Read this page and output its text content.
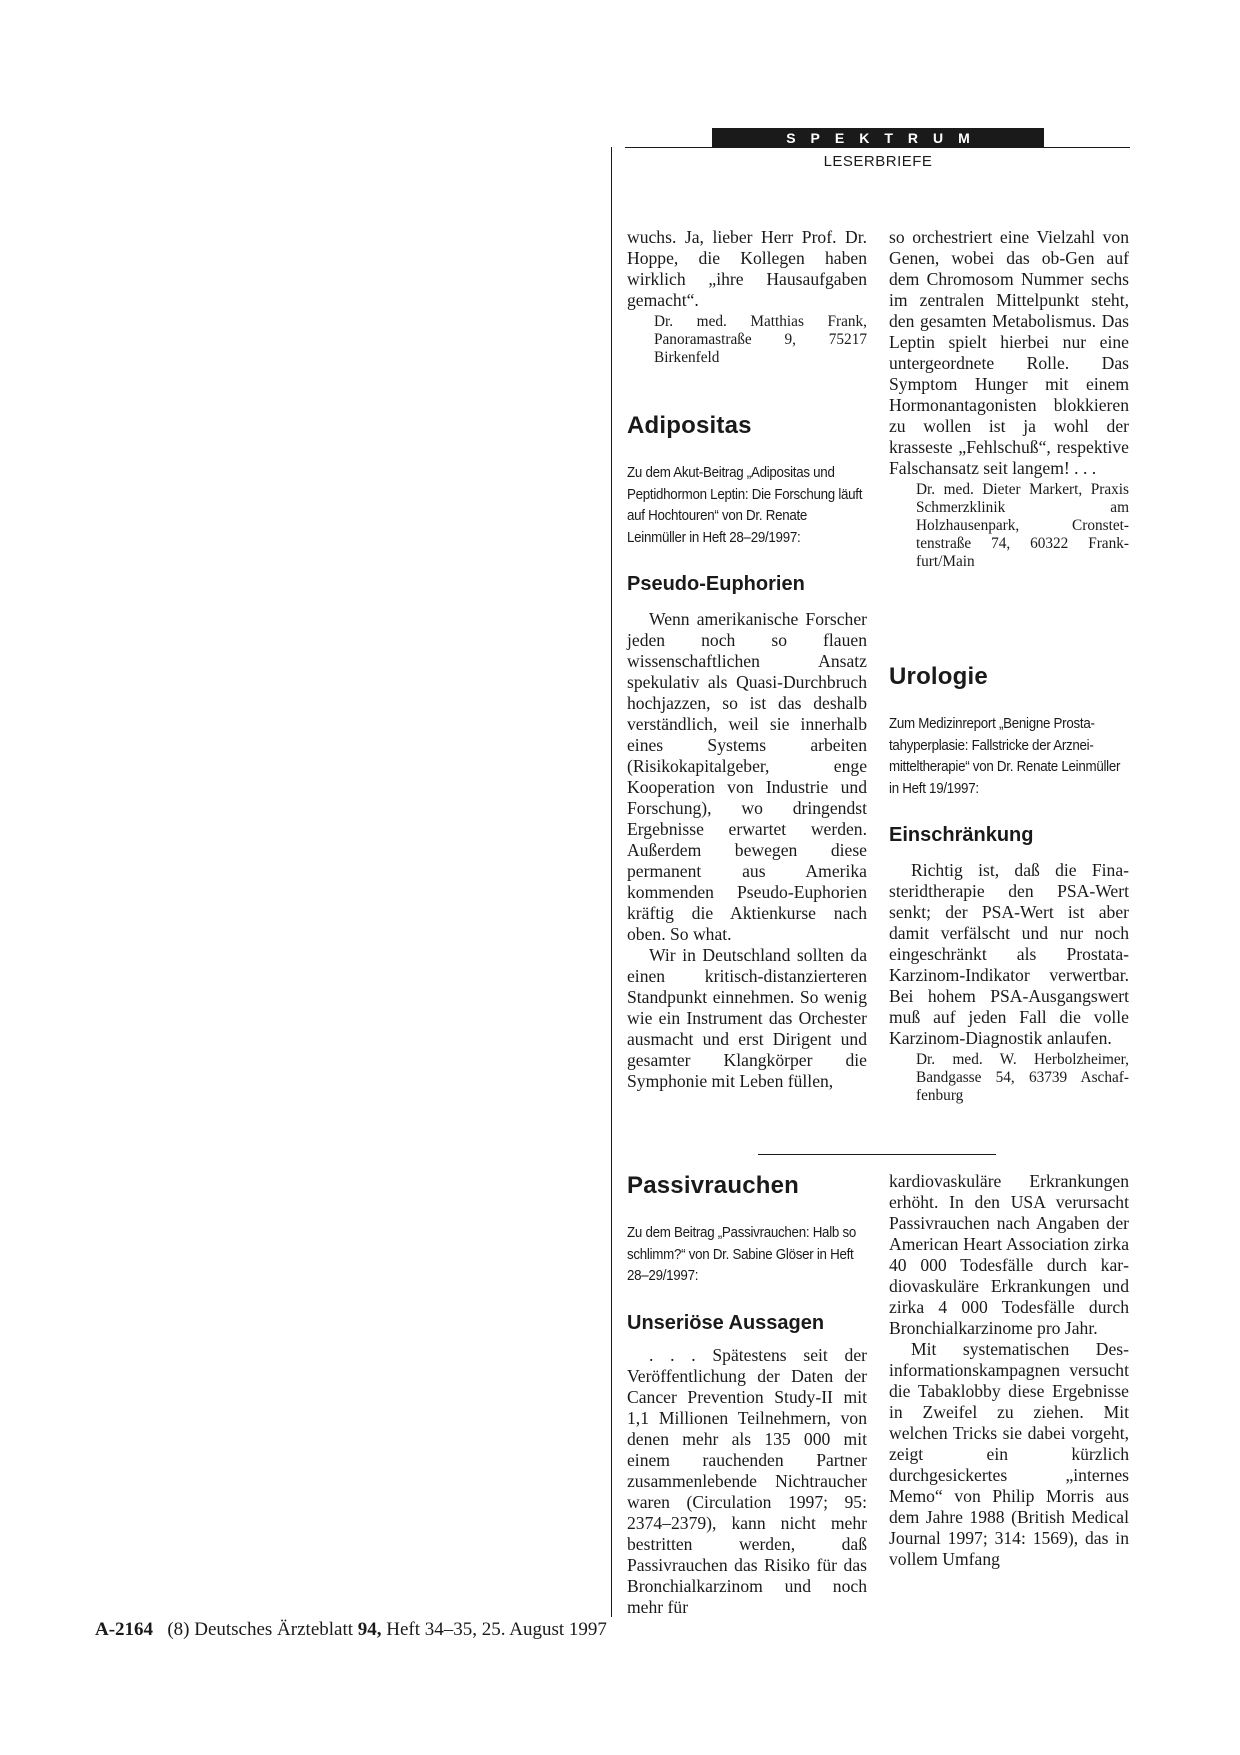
SPEKTRUM
LESERBRIEFE

wuchs. Ja, lieber Herr Prof. Dr. Hoppe, die Kollegen haben wirklich „ihre Hausaufgaben gemacht“.

Dr. med. Matthias Frank, Panoramastraße 9, 75217 Birkenfeld

Adipositas

Zu dem Akut-Beitrag „Adipositas und Peptidhormon Leptin: Die Forschung läuft auf Hochtouren“ von Dr. Renate Leinmüller in Heft 28–29/1997:

Pseudo-Euphorien

Wenn amerikanische Forscher jeden noch so flauen wissenschaftlichen Ansatz spekulativ als Quasi-Durchbruch hochjazzen, so ist das deshalb verständlich, weil sie innerhalb eines Systems arbeiten (Risikokapitalgeber, enge Kooperation von Industrie und Forschung), wo dringendst Ergebnisse erwartet werden. Außerdem bewegen diese permanent aus Amerika kommenden Pseudo-Euphorien kräftig die Aktienkurse nach oben. So what.

Wir in Deutschland sollten da einen kritisch-distanzierteren Standpunkt einnehmen. So wenig wie ein Instrument das Orchester ausmacht und erst Dirigent und gesamter Klangkörper die Symphonie mit Leben füllen,

so orchestriert eine Vielzahl von Genen, wobei das ob-Gen auf dem Chromosom Nummer sechs im zentralen Mittelpunkt steht, den gesamten Metabolismus. Das Leptin spielt hierbei nur eine untergeordnete Rolle. Das Symptom Hunger mit einem Hormonantagonisten blokkieren zu wollen ist ja wohl der krasseste „Fehlschuß“, respektive Falschansatz seit langem! . . .

Dr. med. Dieter Markert, Praxis Schmerzklinik am Holzhausenpark, Cronstettenstraße 74, 60322 Frankfurt/Main

Urologie

Zum Medizinreport „Benigne Prostatahyperplasie: Fallstricke der Arzneimitteltherapie“ von Dr. Renate Leinmüller in Heft 19/1997:

Einschränkung

Richtig ist, daß die Finasteridtherapie den PSA-Wert senkt; der PSA-Wert ist aber damit verfälscht und nur noch eingeschränkt als Prostata-Karzinom-Indikator verwertbar. Bei hohem PSA-Ausgangswert muß auf jeden Fall die volle Karzinom-Diagnostik anlaufen.

Dr. med. W. Herbolzheimer, Bandgasse 54, 63739 Aschaffenburg

Passivrauchen

Zu dem Beitrag „Passivrauchen: Halb so schlimm?“ von Dr. Sabine Glöser in Heft 28–29/1997:

Unseriöse Aussagen

. . . Spätestens seit der Veröffentlichung der Daten der Cancer Prevention Study-II mit 1,1 Millionen Teilnehmern, von denen mehr als 135 000 mit einem rauchenden Partner zusammenlebende Nichtraucher waren (Circulation 1997; 95: 2374–2379), kann nicht mehr bestritten werden, daß Passivrauchen das Risiko für das Bronchialkarzinom und noch mehr für

kardiovaskuläre Erkrankungen erhöht. In den USA verursacht Passivrauchen nach Angaben der American Heart Association zirka 40 000 Todesfälle durch kardiovaskuläre Erkrankungen und zirka 4 000 Todesfälle durch Bronchialkarzinome pro Jahr.

Mit systematischen Desinformationskampagnen versucht die Tabaklobby diese Ergebnisse in Zweifel zu ziehen. Mit welchen Tricks sie dabei vorgeht, zeigt ein kürzlich durchgesickertes „internes Memo“ von Philip Morris aus dem Jahre 1988 (British Medical Journal 1997; 314: 1569), das in vollem Umfang

A-2164 (8) Deutsches Ärzteblatt 94, Heft 34–35, 25. August 1997
